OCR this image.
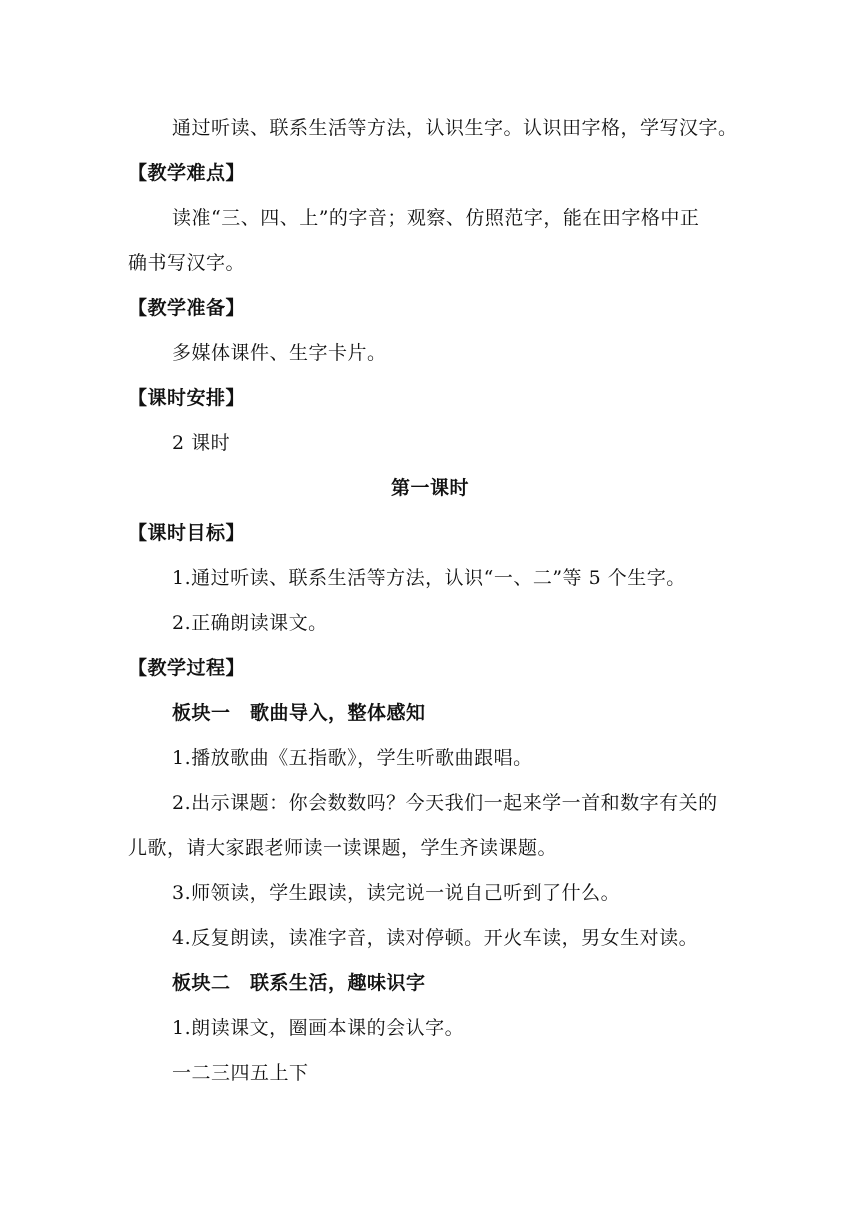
通过听读、联系生活等方法，认识生字。认识田字格，学写汉字。
【教学难点】
读准“三、四、上”的字音；观察、仿照范字，能在田字格中正
确书写汉字。
【教学准备】
多媒体课件、生字卡片。
【课时安排】
2 课时
第一课时
【课时目标】
1.通过听读、联系生活等方法，认识“一、二”等 5 个生字。
2.正确朗读课文。
【教学过程】
板块一　歌曲导入，整体感知
1.播放歌曲《五指歌》，学生听歌曲跟唱。
2.出示课题：你会数数吗？今天我们一起来学一首和数字有关的
儿歌，请大家跟老师读一读课题，学生齐读课题。
3.师领读，学生跟读，读完说一说自己听到了什么。
4.反复朗读，读准字音，读对停顿。开火车读，男女生对读。
板块二　联系生活，趣味识字
1.朗读课文，圈画本课的会认字。
一二三四五上下
